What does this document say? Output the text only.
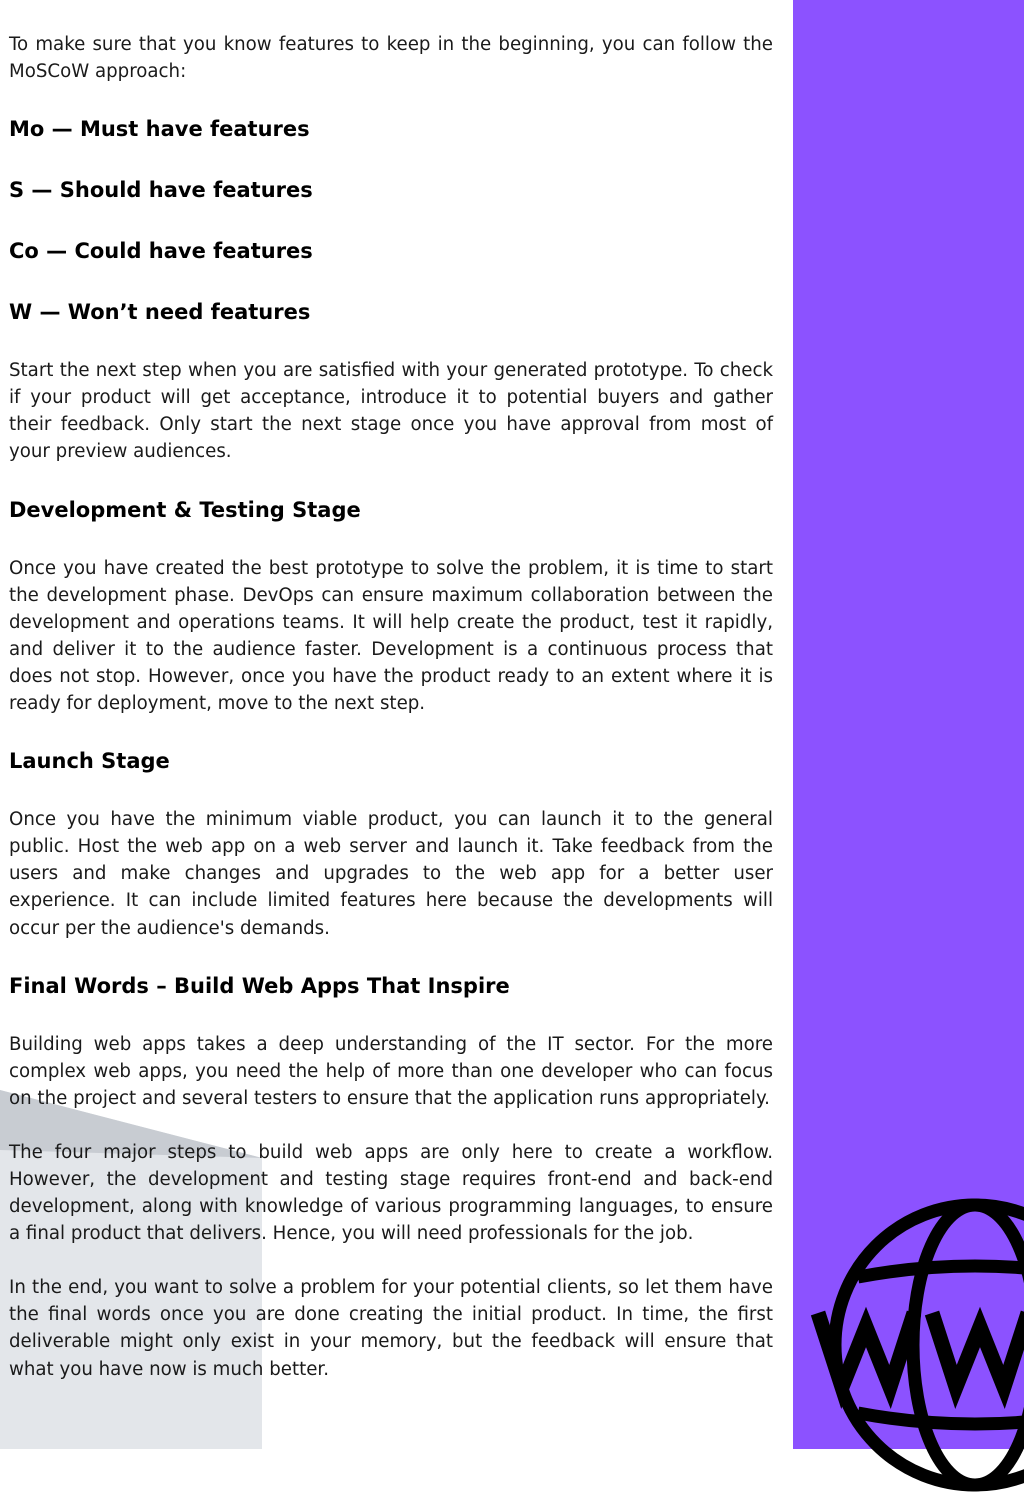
To make sure that you know features to keep in the beginning, you can follow the MoSCoW approach:

Mo — Must have features
S — Should have features
Co — Could have features
W — Won’t need features

Start the next step when you are satisfied with your generated prototype. To check if your product will get acceptance, introduce it to potential buyers and gather their feedback. Only start the next stage once you have approval from most of your preview audiences.

Development & Testing Stage

Once you have created the best prototype to solve the problem, it is time to start the development phase. DevOps can ensure maximum collaboration between the development and operations teams. It will help create the product, test it rapidly, and deliver it to the audience faster. Development is a continuous process that does not stop. However, once you have the product ready to an extent where it is ready for deployment, move to the next step.

Launch Stage

Once you have the minimum viable product, you can launch it to the general public. Host the web app on a web server and launch it. Take feedback from the users and make changes and upgrades to the web app for a better user experience. It can include limited features here because the developments will occur per the audience's demands.

Final Words – Build Web Apps That Inspire

Building web apps takes a deep understanding of the IT sector. For the more complex web apps, you need the help of more than one developer who can focus on the project and several testers to ensure that the application runs appropriately.

The four major steps to build web apps are only here to create a workflow. However, the development and testing stage requires front-end and back-end development, along with knowledge of various programming languages, to ensure a final product that delivers. Hence, you will need professionals for the job.

In the end, you want to solve a problem for your potential clients, so let them have the final words once you are done creating the initial product. In time, the first deliverable might only exist in your memory, but the feedback will ensure that what you have now is much better.
